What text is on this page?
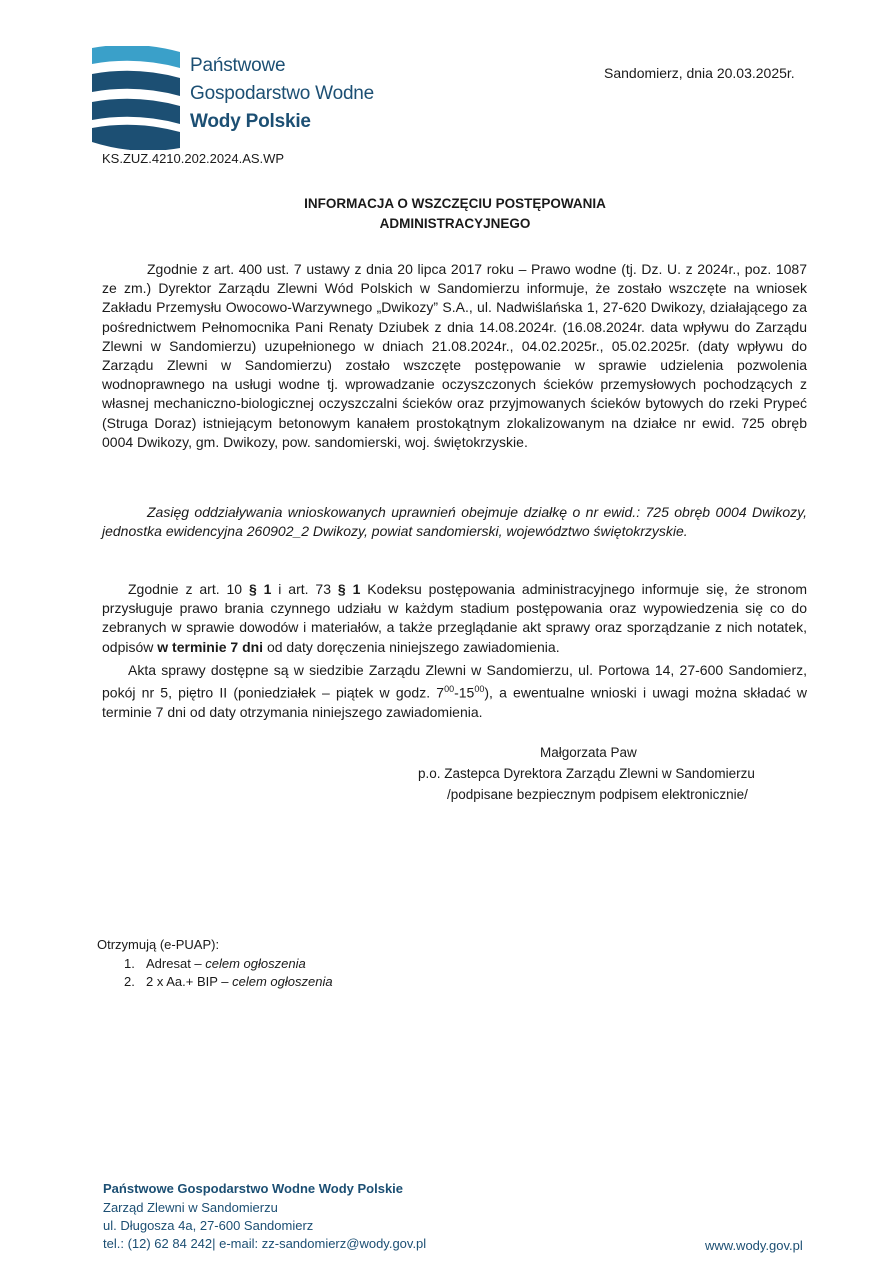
Państwowe
Gospodarstwo Wodne
Wody Polskie
Sandomierz, dnia 20.03.2025r.
KS.ZUZ.4210.202.2024.AS.WP
INFORMACJA O WSZCZĘCIU POSTĘPOWANIA
ADMINISTRACYJNEGO

Zgodnie z art. 400 ust. 7 ustawy z dnia 20 lipca 2017 roku – Prawo wodne (tj. Dz. U. z 2024r., poz. 1087 ze zm.) Dyrektor Zarządu Zlewni Wód Polskich w Sandomierzu informuje, że zostało wszczęte na wniosek Zakładu Przemysłu Owocowo-Warzywnego „Dwikozy” S.A., ul. Nadwiślańska 1, 27-620 Dwikozy, działającego za pośrednictwem Pełnomocnika Pani Renaty Dziubek z dnia 14.08.2024r. (16.08.2024r. data wpływu do Zarządu Zlewni w Sandomierzu) uzupełnionego w dniach 21.08.2024r., 04.02.2025r., 05.02.2025r. (daty wpływu do Zarządu Zlewni w Sandomierzu) zostało wszczęte postępowanie w sprawie udzielenia pozwolenia wodnoprawnego na usługi wodne tj. wprowadzanie oczyszczonych ścieków przemysłowych pochodzących z własnej mechaniczno-biologicznej oczyszczalni ścieków oraz przyjmowanych ścieków bytowych do rzeki Prypeć (Struga Doraz) istniejącym betonowym kanałem prostokątnym zlokalizowanym na działce nr ewid. 725 obręb 0004 Dwikozy, gm. Dwikozy, pow. sandomierski, woj. świętokrzyskie.

Zasięg oddziaływania wnioskowanych uprawnień obejmuje działkę o nr ewid.: 725 obręb 0004 Dwikozy, jednostka ewidencyjna 260902_2 Dwikozy, powiat sandomierski, województwo świętokrzyskie.

Zgodnie z art. 10 § 1 i art. 73 § 1 Kodeksu postępowania administracyjnego informuje się, że stronom przysługuje prawo brania czynnego udziału w każdym stadium postępowania oraz wypowiedzenia się co do zebranych w sprawie dowodów i materiałów, a także przeglądanie akt sprawy oraz sporządzanie z nich notatek, odpisów w terminie 7 dni od daty doręczenia niniejszego zawiadomienia.

Akta sprawy dostępne są w siedzibie Zarządu Zlewni w Sandomierzu, ul. Portowa 14, 27-600 Sandomierz, pokój nr 5, piętro II (poniedziałek – piątek w godz. $7^{00}-15^{00}$), a ewentualne wnioski i uwagi można składać w terminie 7 dni od daty otrzymania niniejszego zawiadomienia.

Małgorzata Paw
p.o. Zastepca Dyrektora Zarządu Zlewni w Sandomierzu
/podpisane bezpiecznym podpisem elektronicznie/
Otrzymują (e-PUAP):
1. Adresat – celem ogłoszenia
2. 2 x Aa.+ BIP – celem ogłoszenia
Państwowe Gospodarstwo Wodne Wody Polskie
Zarząd Zlewni w Sandomierzu
ul. Długosza 4a, 27-600 Sandomierz
tel.: (12) 62 84 242| e-mail: zz-sandomierz@wody.gov.pl	www.wody.gov.pl
